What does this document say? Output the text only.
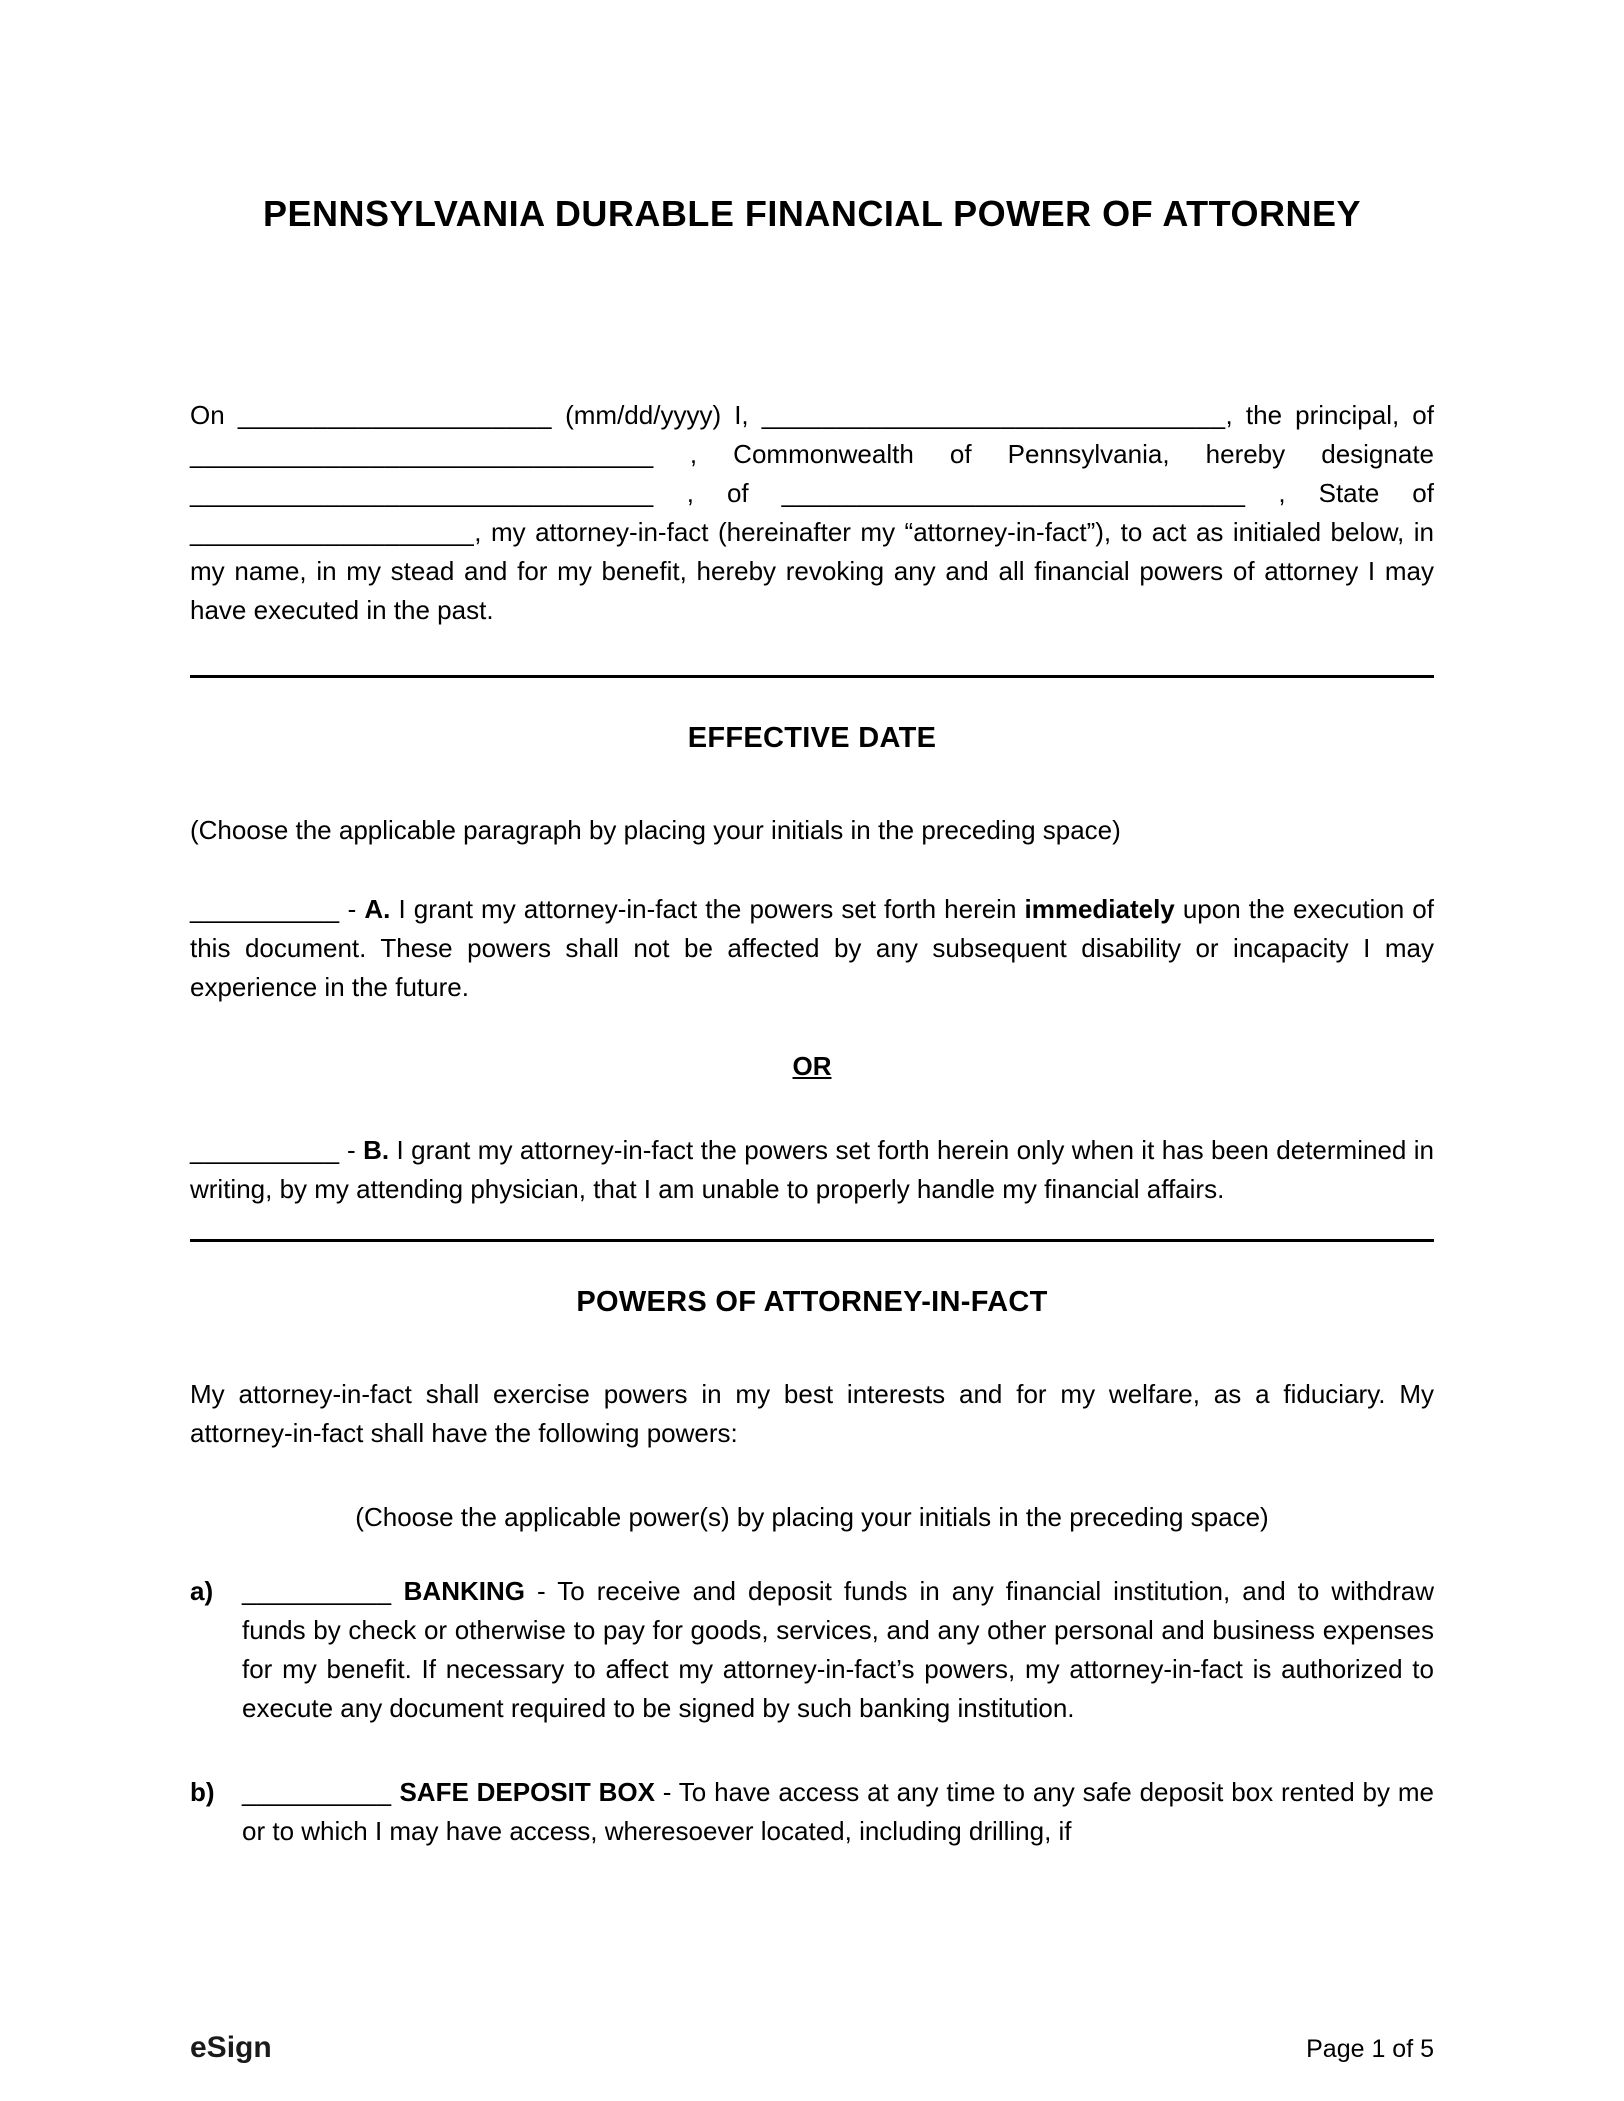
PENNSYLVANIA DURABLE FINANCIAL POWER OF ATTORNEY

On _____________________ (mm/dd/yyyy) I, _______________________________, the principal, of _______________________________ , Commonwealth of Pennsylvania, hereby designate _______________________________ , of _______________________________ , State of ___________________, my attorney-in-fact (hereinafter my “attorney-in-fact”), to act as initialed below, in my name, in my stead and for my benefit, hereby revoking any and all financial powers of attorney I may have executed in the past.

EFFECTIVE DATE

(Choose the applicable paragraph by placing your initials in the preceding space)

__________ - A. I grant my attorney-in-fact the powers set forth herein immediately upon the execution of this document. These powers shall not be affected by any subsequent disability or incapacity I may experience in the future.

OR

__________ - B. I grant my attorney-in-fact the powers set forth herein only when it has been determined in writing, by my attending physician, that I am unable to properly handle my financial affairs.

POWERS OF ATTORNEY-IN-FACT

My attorney-in-fact shall exercise powers in my best interests and for my welfare, as a fiduciary. My attorney-in-fact shall have the following powers:

(Choose the applicable power(s) by placing your initials in the preceding space)

a)	__________ BANKING - To receive and deposit funds in any financial institution, and to withdraw funds by check or otherwise to pay for goods, services, and any other personal and business expenses for my benefit. If necessary to affect my attorney-in-fact’s powers, my attorney-in-fact is authorized to execute any document required to be signed by such banking institution.

b)	__________ SAFE DEPOSIT BOX - To have access at any time to any safe deposit box rented by me or to which I may have access, wheresoever located, including drilling, if

eSign	Page 1 of 5
